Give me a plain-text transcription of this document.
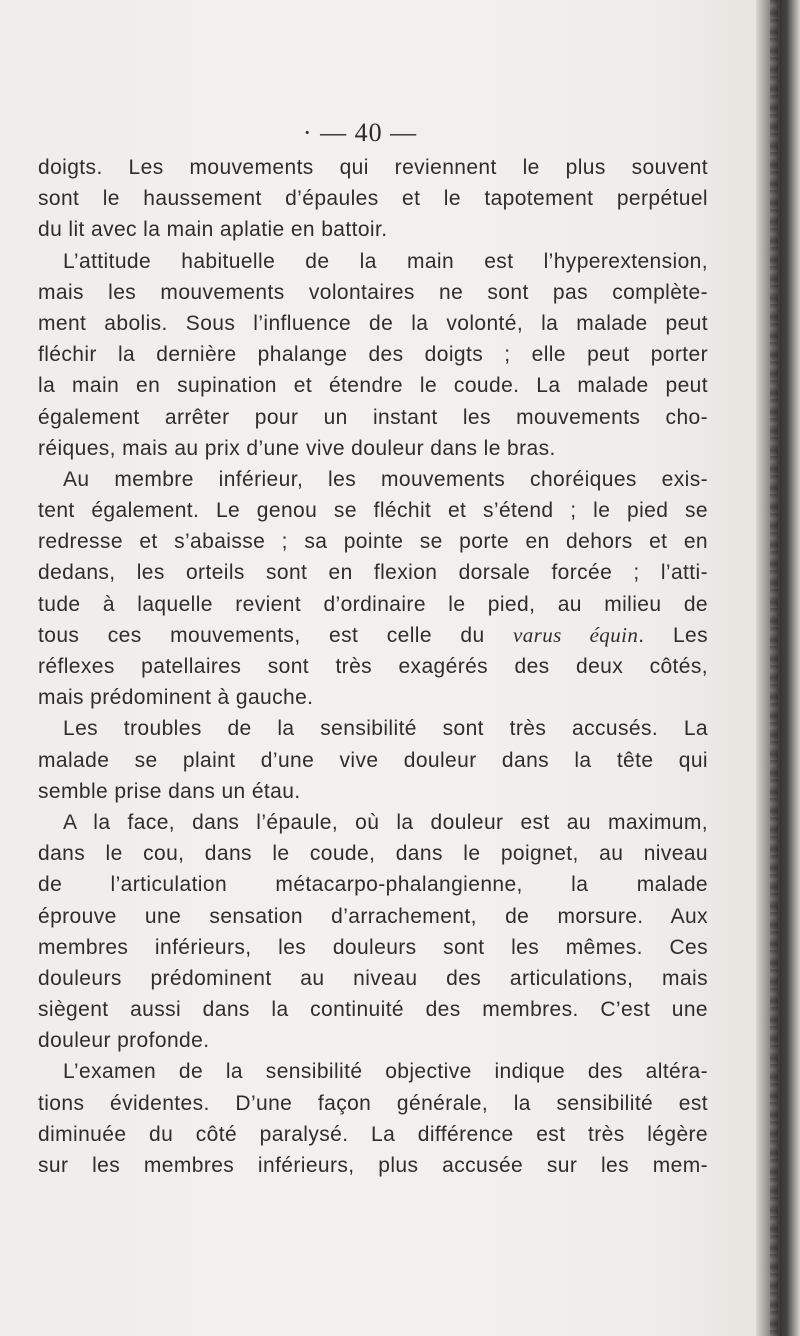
· — 40 —
doigts. Les mouvements qui reviennent le plus souvent
sont le haussement d’épaules et le tapotement perpétuel
du lit avec la main aplatie en battoir.
L’attitude habituelle de la main est l’hyperextension,
mais les mouvements volontaires ne sont pas complète-
ment abolis. Sous l’influence de la volonté, la malade peut
fléchir la dernière phalange des doigts ; elle peut porter
la main en supination et étendre le coude. La malade peut
également arrêter pour un instant les mouvements cho-
réiques, mais au prix d’une vive douleur dans le bras.
Au membre inférieur, les mouvements choréiques exis-
tent également. Le genou se fléchit et s’étend ; le pied se
redresse et s’abaisse ; sa pointe se porte en dehors et en
dedans, les orteils sont en flexion dorsale forcée ; l’atti-
tude à laquelle revient d’ordinaire le pied, au milieu de
tous ces mouvements, est celle du varus équin. Les
réflexes patellaires sont très exagérés des deux côtés,
mais prédominent à gauche.
Les troubles de la sensibilité sont très accusés. La
malade se plaint d’une vive douleur dans la tête qui
semble prise dans un étau.
A la face, dans l’épaule, où la douleur est au maximum,
dans le cou, dans le coude, dans le poignet, au niveau
de l’articulation métacarpo-phalangienne, la malade
éprouve une sensation d’arrachement, de morsure. Aux
membres inférieurs, les douleurs sont les mêmes. Ces
douleurs prédominent au niveau des articulations, mais
siègent aussi dans la continuité des membres. C’est une
douleur profonde.
L’examen de la sensibilité objective indique des altéra-
tions évidentes. D’une façon générale, la sensibilité est
diminuée du côté paralysé. La différence est très légère
sur les membres inférieurs, plus accusée sur les mem-
